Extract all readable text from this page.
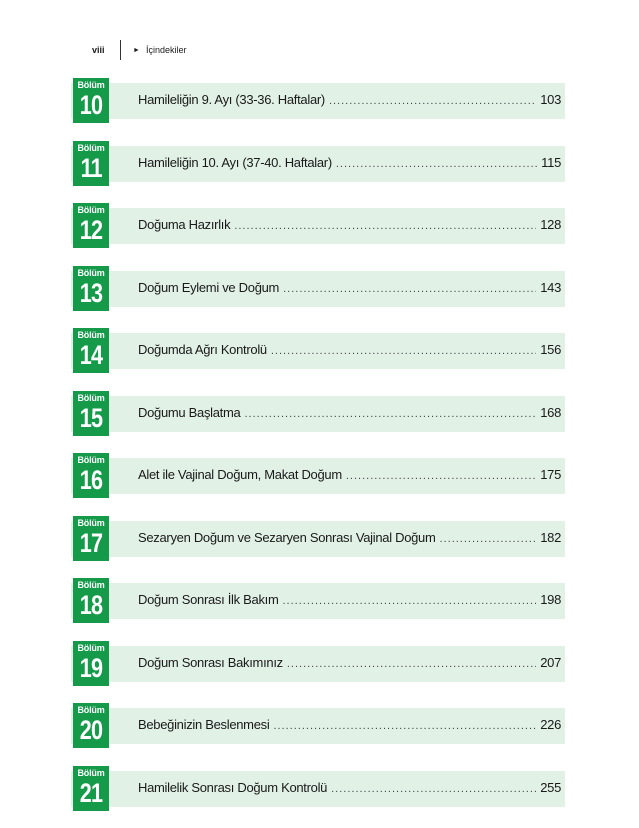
viii	► İçindekiler
Bölüm
10	Hamileliğin 9. Ayı (33-36. Haftalar) .....	103
Bölüm
11	Hamileliğin 10. Ayı (37-40. Haftalar) .....	115
Bölüm
12	Doğuma Hazırlık .....	128
Bölüm
13	Doğum Eylemi ve Doğum .....	143
Bölüm
14	Doğumda Ağrı Kontrolü .....	156
Bölüm
15	Doğumu Başlatma .....	168
Bölüm
16	Alet ile Vajinal Doğum, Makat Doğum .....	175
Bölüm
17	Sezaryen Doğum ve Sezaryen Sonrası Vajinal Doğum .....	182
Bölüm
18	Doğum Sonrası İlk Bakım .....	198
Bölüm
19	Doğum Sonrası Bakımınız .....	207
Bölüm
20	Bebeğinizin Beslenmesi .....	226
Bölüm
21	Hamilelik Sonrası Doğum Kontrolü .....	255
